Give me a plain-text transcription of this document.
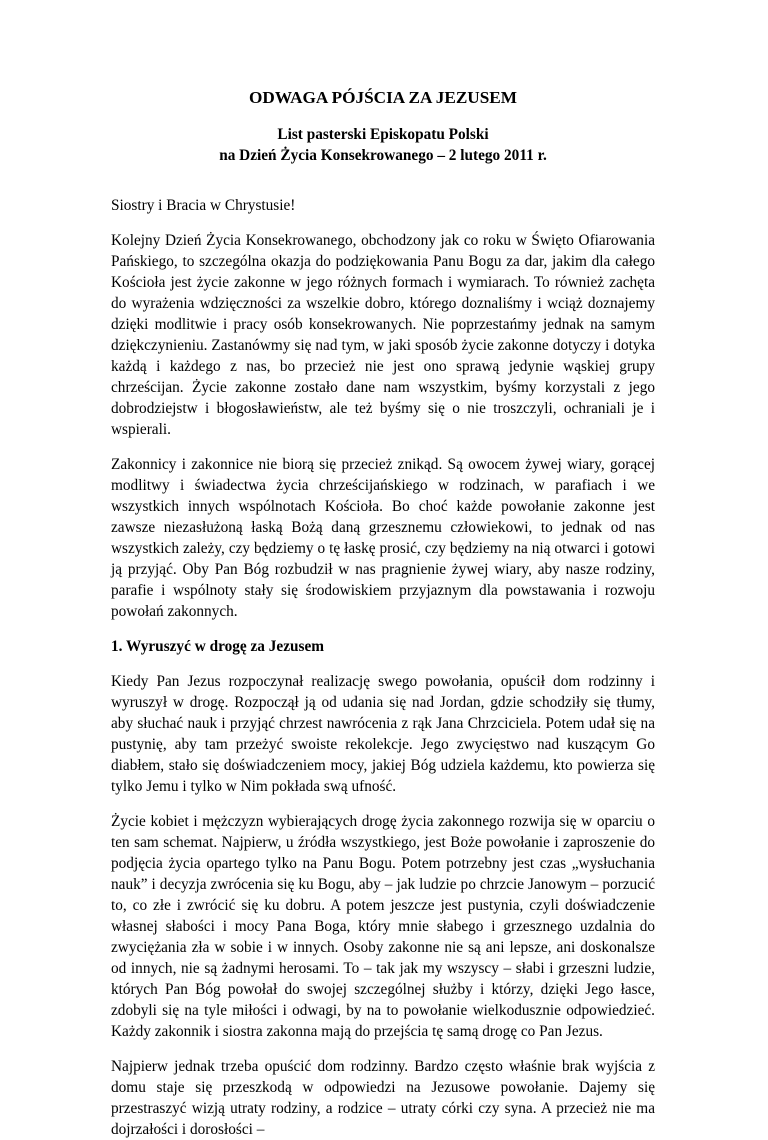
ODWAGA PÓJŚCIA ZA JEZUSEM
List pasterski Episkopatu Polski
na Dzień Życia Konsekrowanego – 2 lutego 2011 r.

Siostry i Bracia w Chrystusie!

Kolejny Dzień Życia Konsekrowanego, obchodzony jak co roku w Święto Ofiarowania Pańskiego, to szczególna okazja do podziękowania Panu Bogu za dar, jakim dla całego Kościoła jest życie zakonne w jego różnych formach i wymiarach. To również zachęta do wyrażenia wdzięczności za wszelkie dobro, którego doznaliśmy i wciąż doznajemy dzięki modlitwie i pracy osób konsekrowanych. Nie poprzestańmy jednak na samym dziękczynieniu. Zastanówmy się nad tym, w jaki sposób życie zakonne dotyczy i dotyka każdą i każdego z nas, bo przecież nie jest ono sprawą jedynie wąskiej grupy chrześcijan. Życie zakonne zostało dane nam wszystkim, byśmy korzystali z jego dobrodziejstw i błogosławieństw, ale też byśmy się o nie troszczyli, ochraniali je i wspierali.

Zakonnicy i zakonnice nie biorą się przecież znikąd. Są owocem żywej wiary, gorącej modlitwy i świadectwa życia chrześcijańskiego w rodzinach, w parafiach i we wszystkich innych wspólnotach Kościoła. Bo choć każde powołanie zakonne jest zawsze niezasłużoną łaską Bożą daną grzesznemu człowiekowi, to jednak od nas wszystkich zależy, czy będziemy o tę łaskę prosić, czy będziemy na nią otwarci i gotowi ją przyjąć. Oby Pan Bóg rozbudził w nas pragnienie żywej wiary, aby nasze rodziny, parafie i wspólnoty stały się środowiskiem przyjaznym dla powstawania i rozwoju powołań zakonnych.

1. Wyruszyć w drogę za Jezusem

Kiedy Pan Jezus rozpoczynał realizację swego powołania, opuścił dom rodzinny i wyruszył w drogę. Rozpoczął ją od udania się nad Jordan, gdzie schodziły się tłumy, aby słuchać nauk i przyjąć chrzest nawrócenia z rąk Jana Chrzciciela. Potem udał się na pustynię, aby tam przeżyć swoiste rekolekcje. Jego zwycięstwo nad kuszącym Go diabłem, stało się doświadczeniem mocy, jakiej Bóg udziela każdemu, kto powierza się tylko Jemu i tylko w Nim pokłada swą ufność.

Życie kobiet i mężczyzn wybierających drogę życia zakonnego rozwija się w oparciu o ten sam schemat. Najpierw, u źródła wszystkiego, jest Boże powołanie i zaproszenie do podjęcia życia opartego tylko na Panu Bogu. Potem potrzebny jest czas „wysłuchania nauk” i decyzja zwrócenia się ku Bogu, aby – jak ludzie po chrzcie Janowym – porzucić to, co złe i zwrócić się ku dobru. A potem jeszcze jest pustynia, czyli doświadczenie własnej słabości i mocy Pana Boga, który mnie słabego i grzesznego uzdalnia do zwyciężania zła w sobie i w innych. Osoby zakonne nie są ani lepsze, ani doskonalsze od innych, nie są żadnymi herosami. To – tak jak my wszyscy – słabi i grzeszni ludzie, których Pan Bóg powołał do swojej szczególnej służby i którzy, dzięki Jego łasce, zdobyli się na tyle miłości i odwagi, by na to powołanie wielkodusznie odpowiedzieć. Każdy zakonnik i siostra zakonna mają do przejścia tę samą drogę co Pan Jezus.

Najpierw jednak trzeba opuścić dom rodzinny. Bardzo często właśnie brak wyjścia z domu staje się przeszkodą w odpowiedzi na Jezusowe powołanie. Dajemy się przestraszyć wizją utraty rodziny, a rodzice – utraty córki czy syna. A przecież nie ma dojrzałości i dorosłości –
